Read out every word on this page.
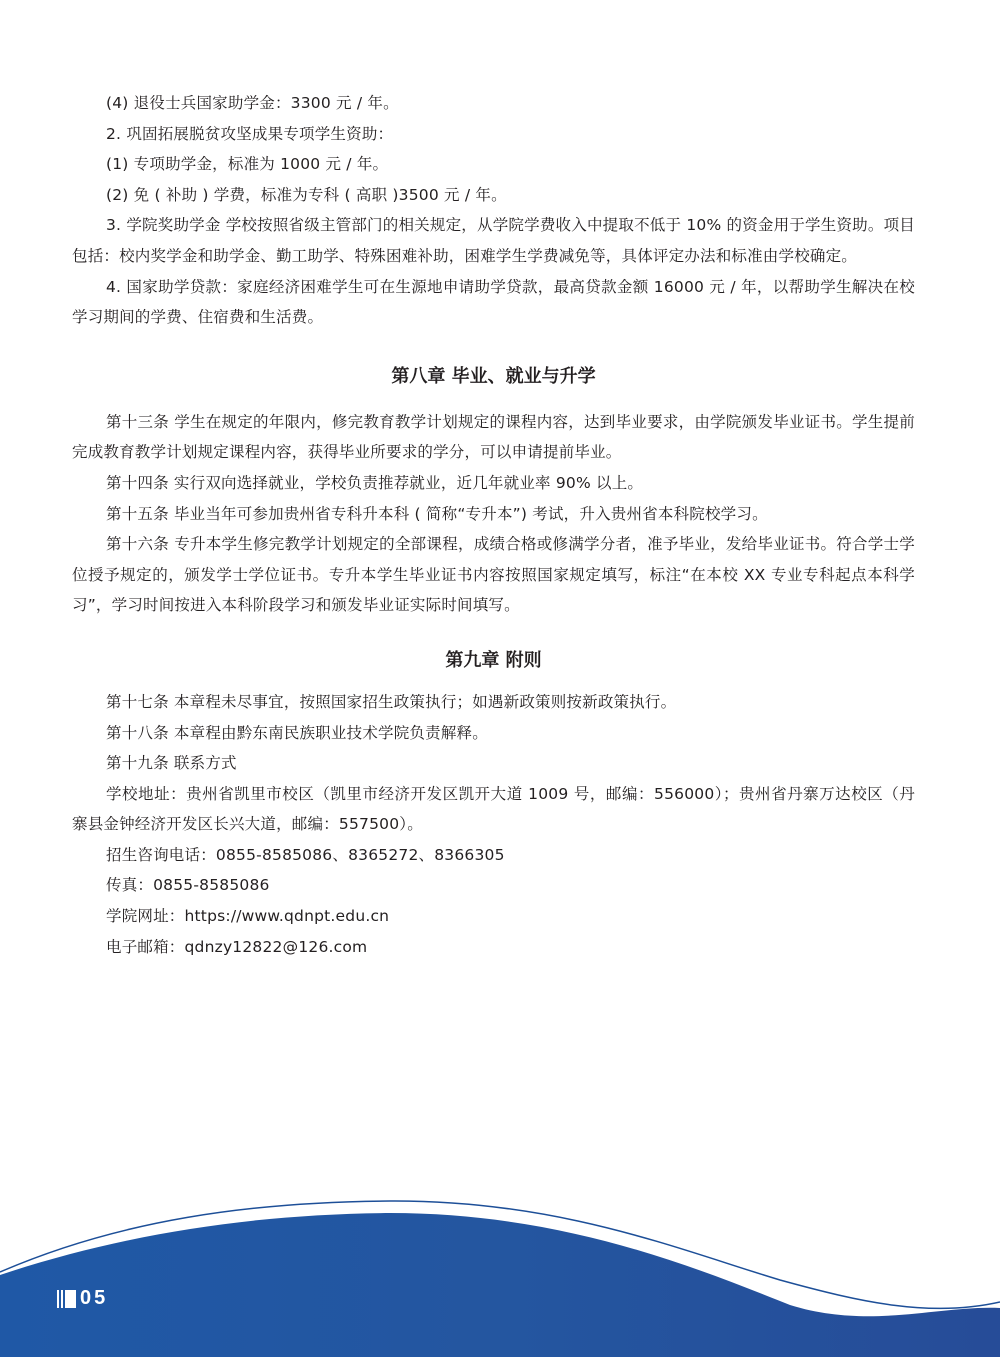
(4) 退役士兵国家助学金：3300 元 / 年。

2. 巩固拓展脱贫攻坚成果专项学生资助：

(1) 专项助学金，标准为 1000 元 / 年。

(2) 免 ( 补助 ) 学费，标准为专科 ( 高职 )3500 元 / 年。

3. 学院奖助学金 学校按照省级主管部门的相关规定，从学院学费收入中提取不低于 10% 的资金用于学生资助。项目包括：校内奖学金和助学金、勤工助学、特殊困难补助，困难学生学费减免等，具体评定办法和标准由学校确定。

4. 国家助学贷款：家庭经济困难学生可在生源地申请助学贷款，最高贷款金额 16000 元 / 年，以帮助学生解决在校学习期间的学费、住宿费和生活费。

第八章 毕业、就业与升学

第十三条 学生在规定的年限内，修完教育教学计划规定的课程内容，达到毕业要求，由学院颁发毕业证书。学生提前完成教育教学计划规定课程内容，获得毕业所要求的学分，可以申请提前毕业。

第十四条 实行双向选择就业，学校负责推荐就业，近几年就业率 90% 以上。

第十五条 毕业当年可参加贵州省专科升本科 ( 简称“专升本”) 考试，升入贵州省本科院校学习。

第十六条 专升本学生修完教学计划规定的全部课程，成绩合格或修满学分者，准予毕业，发给毕业证书。符合学士学位授予规定的，颁发学士学位证书。专升本学生毕业证书内容按照国家规定填写，标注“在本校 XX 专业专科起点本科学习”，学习时间按进入本科阶段学习和颁发毕业证实际时间填写。

第九章 附则

第十七条 本章程未尽事宜，按照国家招生政策执行；如遇新政策则按新政策执行。

第十八条 本章程由黔东南民族职业技术学院负责解释。

第十九条 联系方式

学校地址：贵州省凯里市校区（凯里市经济开发区凯开大道 1009 号，邮编：556000）；贵州省丹寨万达校区（丹寨县金钟经济开发区长兴大道，邮编：557500）。

招生咨询电话：0855-8585086、8365272、8366305

传真：0855-8585086

学院网址：https://www.qdnpt.edu.cn

电子邮箱：qdnzy12822@126.com

05
